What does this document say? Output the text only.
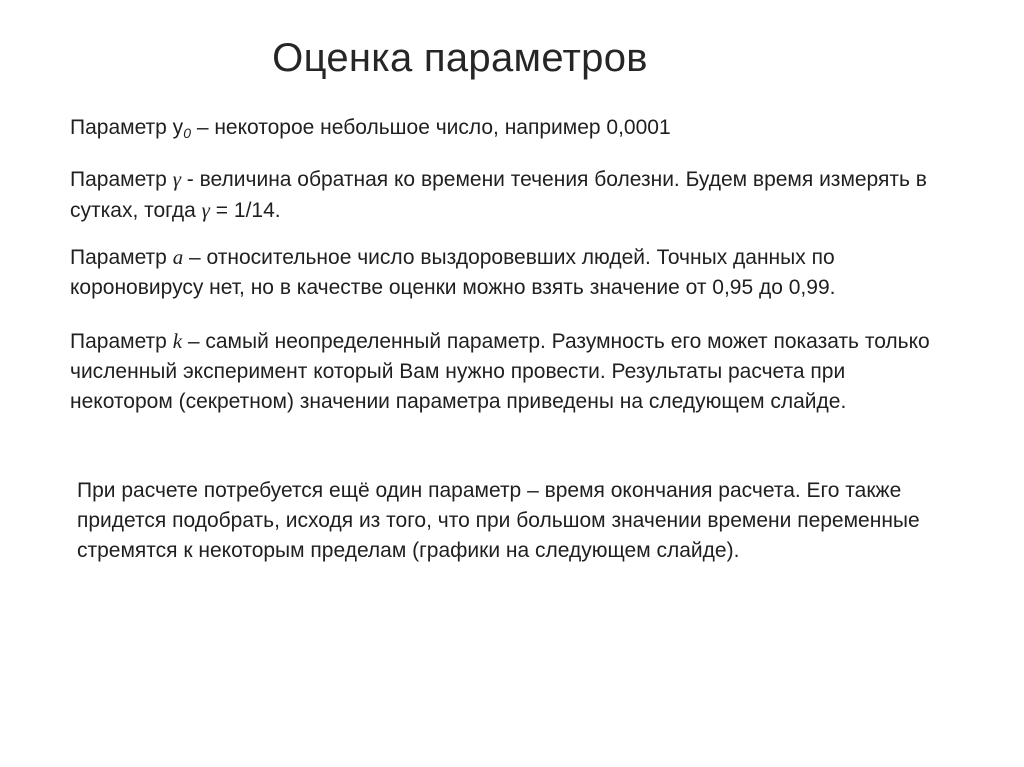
Оценка параметров

Параметр $y_0$ – некоторое небольшое число, например 0,0001

Параметр γ - величина обратная ко времени течения болезни. Будем время измерять в сутках, тогда γ = 1/14.

Параметр a – относительное число выздоровевших людей. Точных данных по короновирусу нет, но в качестве оценки можно взять значение от 0,95 до 0,99.

Параметр k – самый неопределенный параметр. Разумность его может показать только численный эксперимент который Вам нужно провести. Результаты расчета при некотором (секретном) значении параметра приведены на следующем слайде.

При расчете потребуется ещё один параметр – время окончания расчета. Его также придется подобрать, исходя из того, что при большом значении времени переменные стремятся к некоторым пределам (графики на следующем слайде).
